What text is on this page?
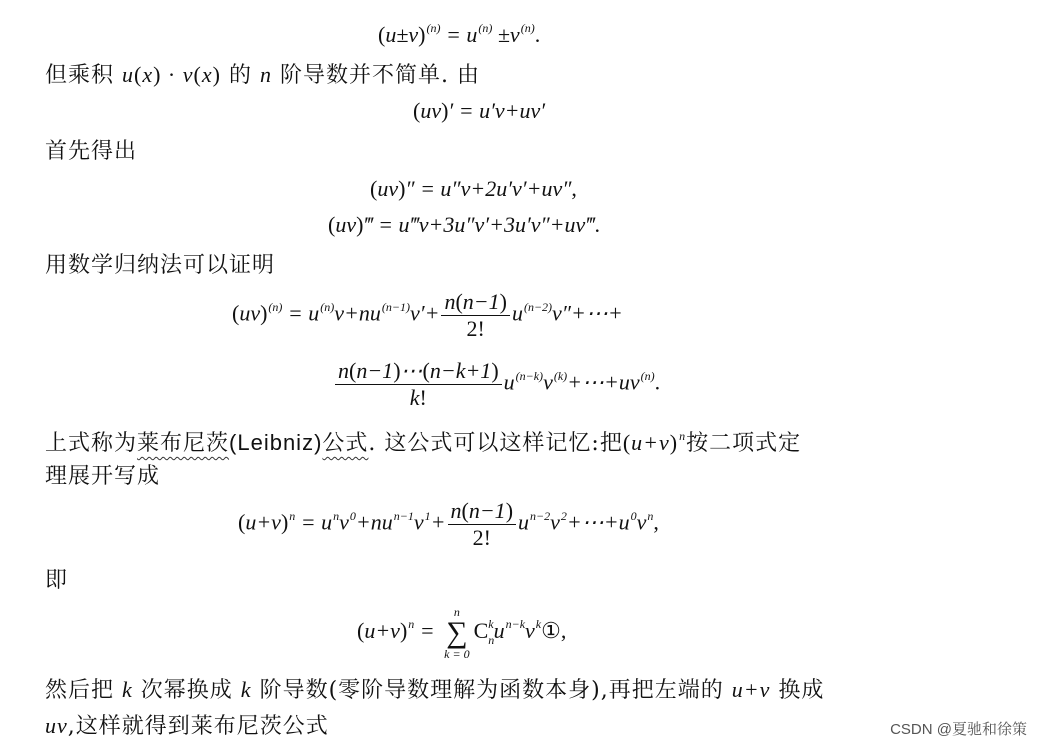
$(u\pm v)^{(n)} = u^{(n)} \pm v^{(n)}$.
但乘积 u(x) · v(x) 的 n 阶导数并不简单. 由
(uv)′ = u′v+uv′
首先得出
(uv)″ = u″v+2u′v′+uv″,
(uv)‴ = u‴v+3u″v′+3u′v″+uv‴.
用数学归纳法可以证明
$(uv)^{(n)} = u^{(n)}v+nu^{(n-1)}v'+ \frac{n(n-1)}{2!}$ $u^{(n-2)}v''+\cdots+$
$\frac{n(n-1)\cdots(n-k+1)}{k!}$ $u^{(n-k)}v^{(k)}+\cdots+uv^{(n)}$.
上式称为莱布尼茨(Leibniz)公式. 这公式可以这样记忆:把$(u+v)^n$按二项式定
理展开写成
$(u+v)^n = u^nv^0+nu^{n-1}v^1+ \frac{n(n-1)}{2!}$ $u^{n-2}v^2+\cdots+u^0v^n$,
即
$(u+v)^n$ =
n
∑
k = 0
$C_n^ku^{n-k}v^k①$,
然后把 k 次幂换成 k 阶导数(零阶导数理解为函数本身),再把左端的 u+v 换成
uv,这样就得到莱布尼茨公式	CSDN @夏驰和徐策
